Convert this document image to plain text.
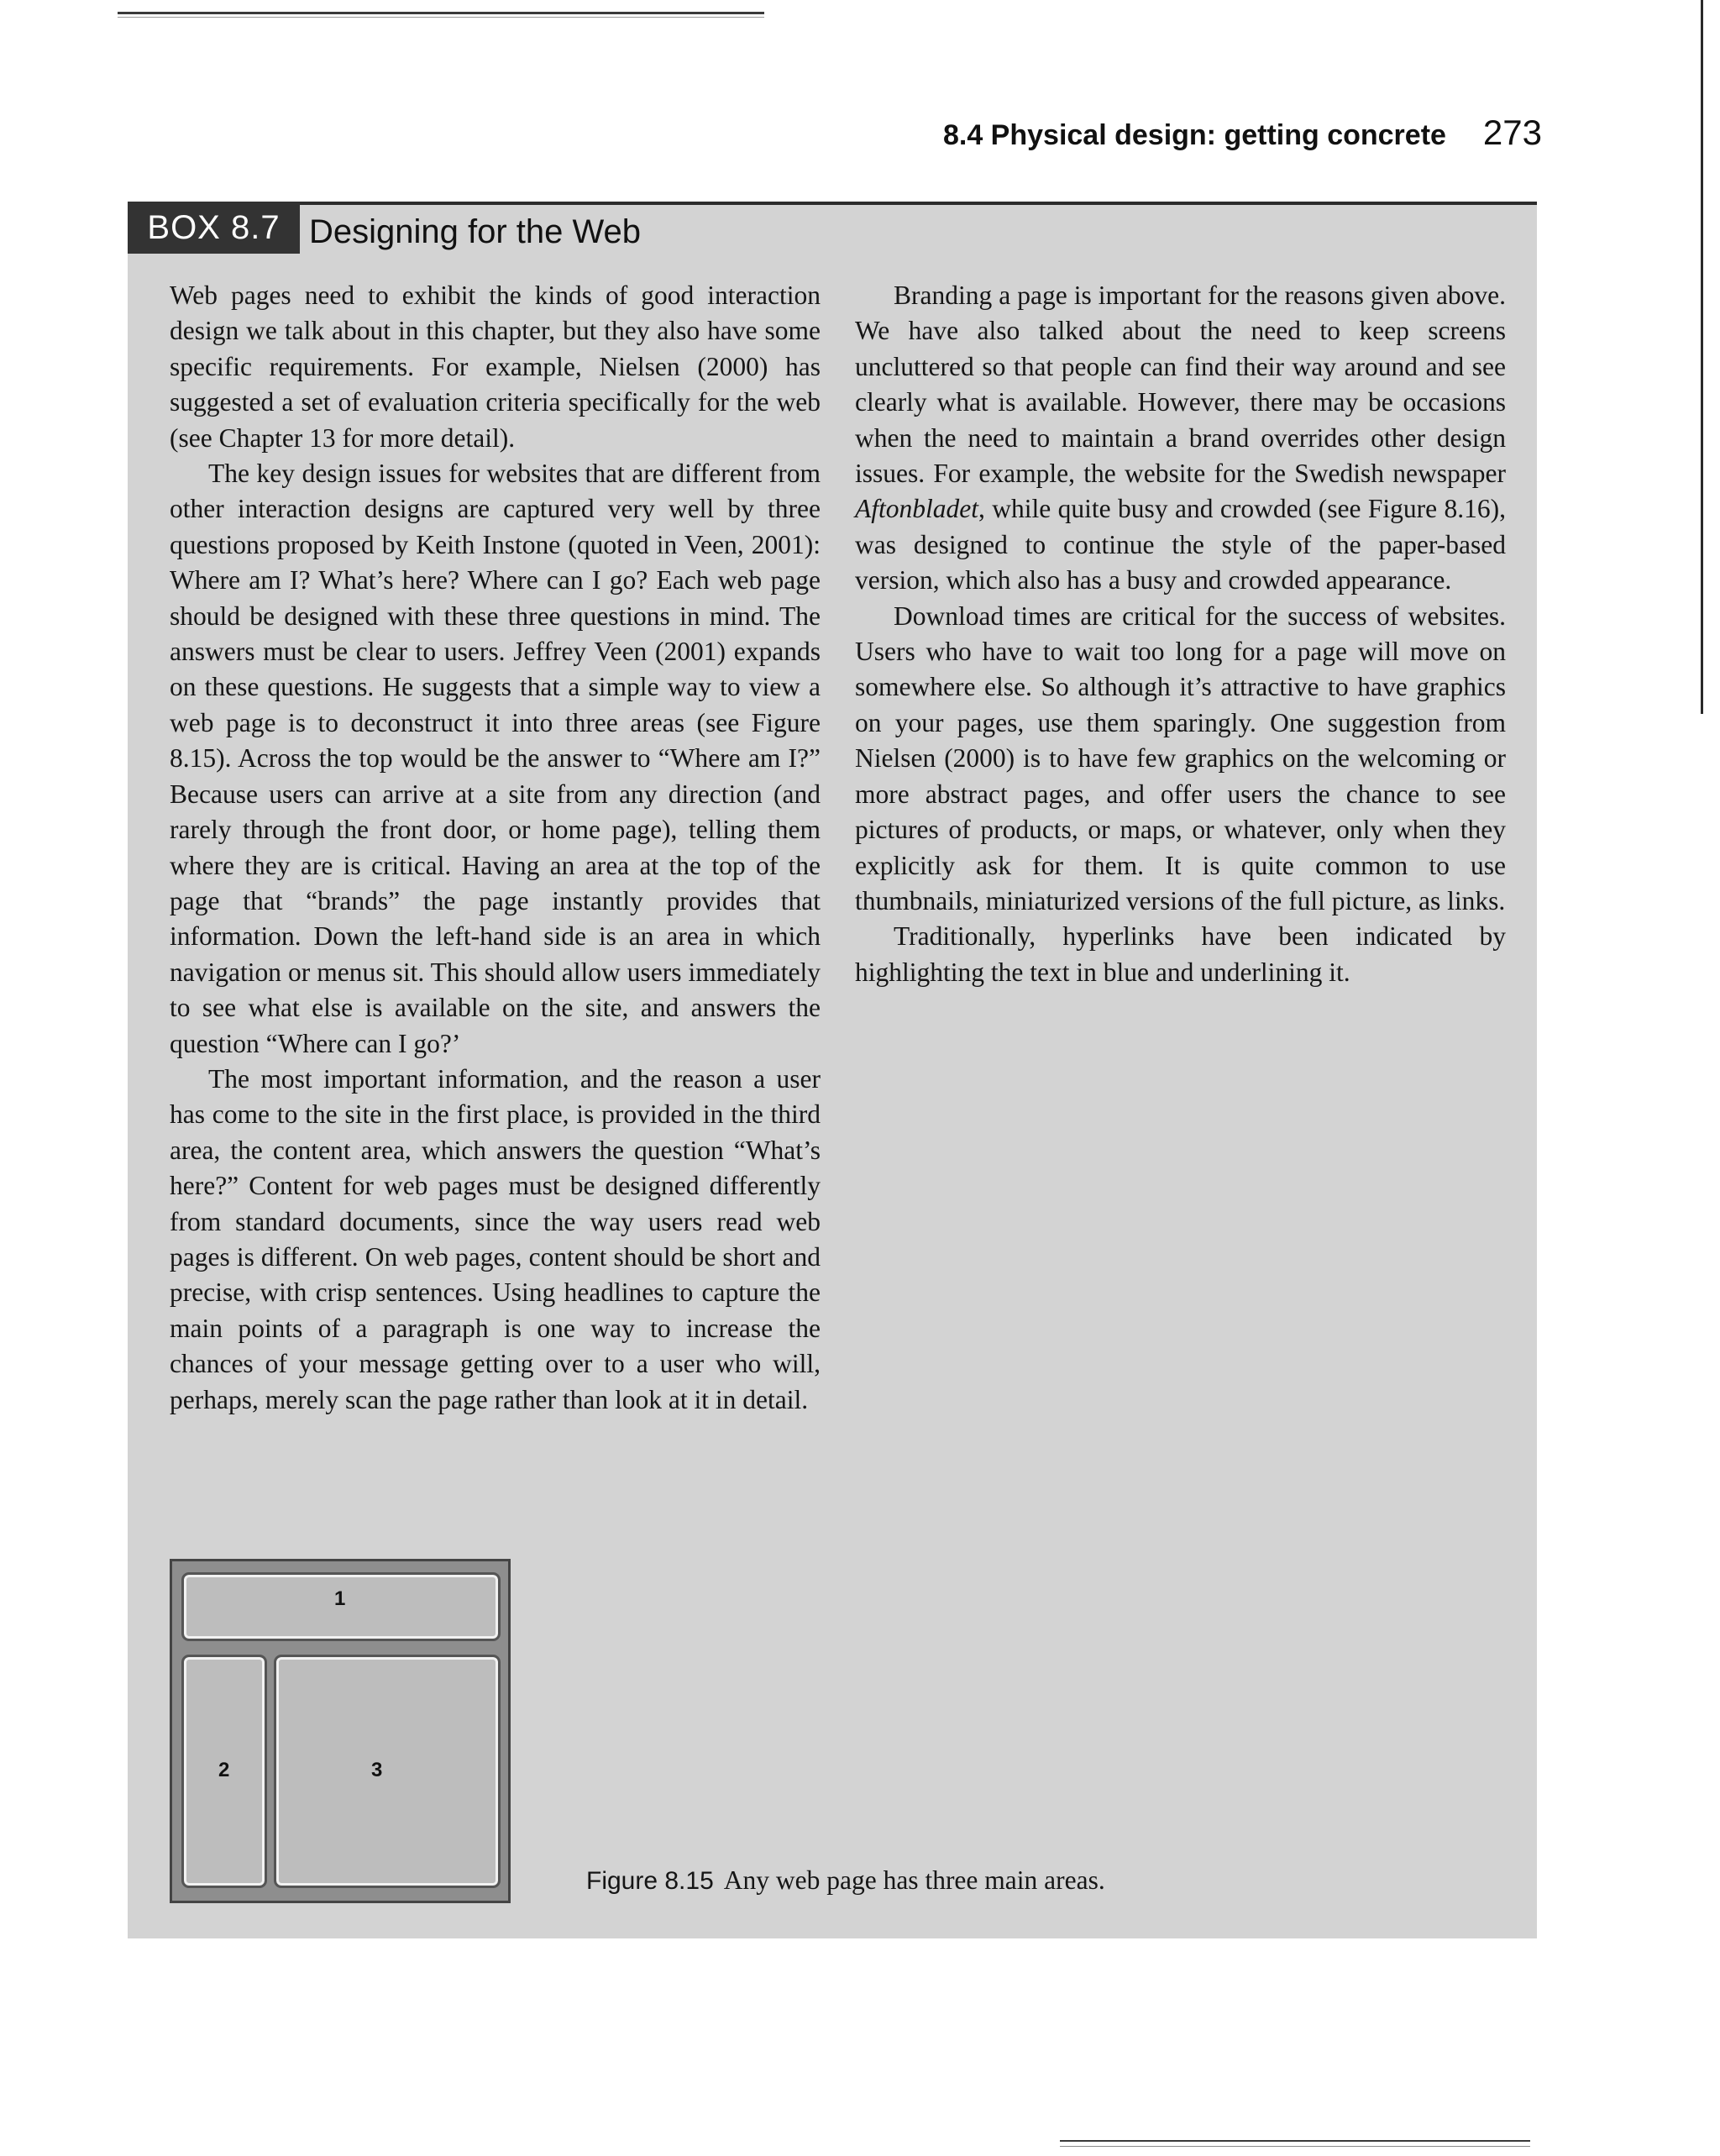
8.4 Physical design: getting concrete 273
BOX 8.7 Designing for the Web

Web pages need to exhibit the kinds of good interaction design we talk about in this chapter, but they also have some specific requirements. For example, Nielsen (2000) has suggested a set of evaluation criteria specifically for the web (see Chapter 13 for more detail).

The key design issues for websites that are different from other interaction designs are captured very well by three questions proposed by Keith Instone (quoted in Veen, 2001): Where am I? What’s here? Where can I go? Each web page should be designed with these three questions in mind. The answers must be clear to users. Jeffrey Veen (2001) expands on these questions. He suggests that a simple way to view a web page is to deconstruct it into three areas (see Figure 8.15). Across the top would be the answer to “Where am I?” Because users can arrive at a site from any direction (and rarely through the front door, or home page), telling them where they are is critical. Having an area at the top of the page that “brands” the page instantly provides that information. Down the left-hand side is an area in which navigation or menus sit. This should allow users immediately to see what else is available on the site, and answers the question “Where can I go?’

The most important information, and the reason a user has come to the site in the first place, is provided in the third area, the content area, which answers the question “What’s here?” Content for web pages must be designed differently from standard documents, since the way users read web pages is different. On web pages, content should be short and precise, with crisp sentences. Using headlines to capture the main points of a paragraph is one way to increase the chances of your message getting over to a user who will, perhaps, merely scan the page rather than look at it in detail.

Branding a page is important for the reasons given above. We have also talked about the need to keep screens uncluttered so that people can find their way around and see clearly what is available. However, there may be occasions when the need to maintain a brand overrides other design issues. For example, the website for the Swedish newspaper Aftonbladet, while quite busy and crowded (see Figure 8.16), was designed to continue the style of the paper-based version, which also has a busy and crowded appearance.

Download times are critical for the success of websites. Users who have to wait too long for a page will move on somewhere else. So although it’s attractive to have graphics on your pages, use them sparingly. One suggestion from Nielsen (2000) is to have few graphics on the welcoming or more abstract pages, and offer users the chance to see pictures of products, or maps, or whatever, only when they explicitly ask for them. It is quite common to use thumbnails, miniaturized versions of the full picture, as links.

Traditionally, hyperlinks have been indicated by highlighting the text in blue and underlining it.

1
2	3
Figure 8.15 Any web page has three main areas.
